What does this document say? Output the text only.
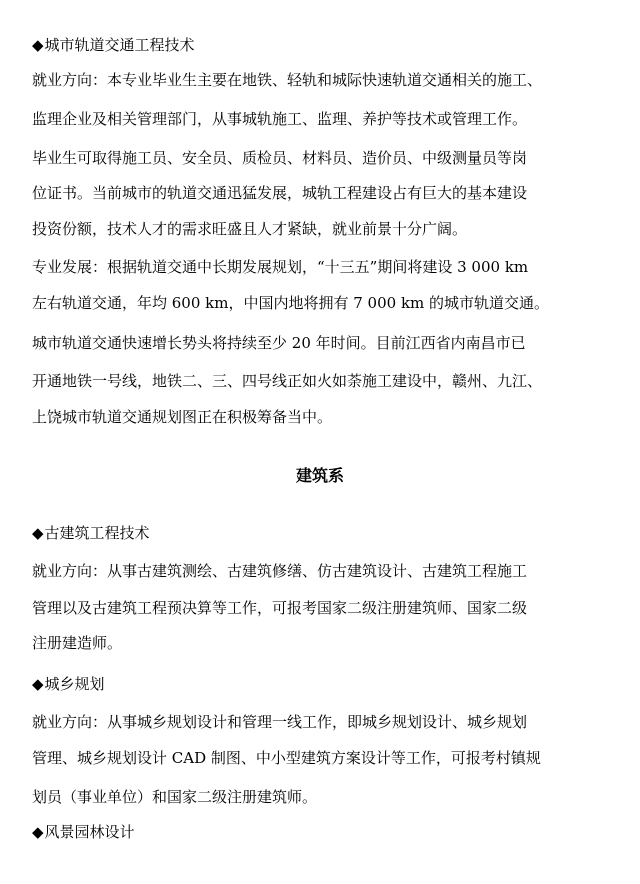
◆城市轨道交通工程技术
就业方向：本专业毕业生主要在地铁、轻轨和城际快速轨道交通相关的施工、
监理企业及相关管理部门，从事城轨施工、监理、养护等技术或管理工作。
毕业生可取得施工员、安全员、质检员、材料员、造价员、中级测量员等岗
位证书。当前城市的轨道交通迅猛发展，城轨工程建设占有巨大的基本建设
投资份额，技术人才的需求旺盛且人才紧缺，就业前景十分广阔。
专业发展：根据轨道交通中长期发展规划，“十三五”期间将建设 3 000 km
左右轨道交通，年均 600 km，中国内地将拥有 7 000 km 的城市轨道交通。
城市轨道交通快速增长势头将持续至少 20 年时间。目前江西省内南昌市已
开通地铁一号线，地铁二、三、四号线正如火如荼施工建设中，赣州、九江、
上饶城市轨道交通规划图正在积极筹备当中。
建筑系
◆古建筑工程技术
就业方向：从事古建筑测绘、古建筑修缮、仿古建筑设计、古建筑工程施工
管理以及古建筑工程预决算等工作，可报考国家二级注册建筑师、国家二级
注册建造师。
◆城乡规划
就业方向：从事城乡规划设计和管理一线工作，即城乡规划设计、城乡规划
管理、城乡规划设计 CAD 制图、中小型建筑方案设计等工作，可报考村镇规
划员（事业单位）和国家二级注册建筑师。
◆风景园林设计
